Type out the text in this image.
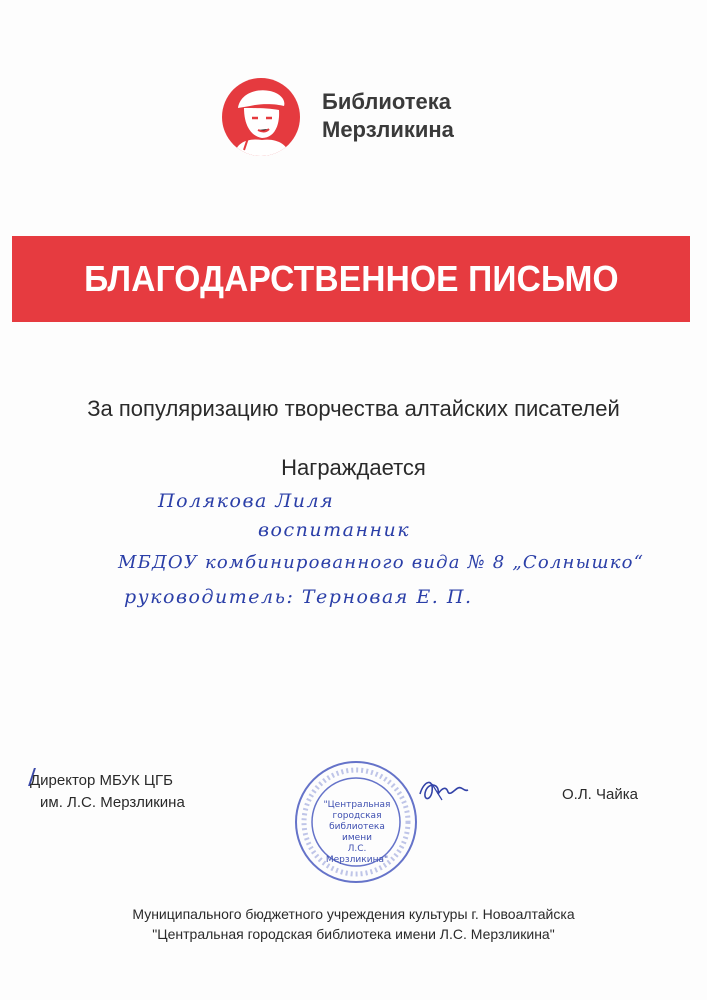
Библиотека
Мерзликина
БЛАГОДАРСТВЕННОЕ ПИСЬМО
За популяризацию творчества алтайских писателей
Награждается
Полякова Лиля
воспитанник
МБДОУ комбинированного вида № 8 „Солнышко“
руководитель: Терновая Е. П.
Директор МБУК ЦГБ
им. Л.С. Мерзликина	"Центральная
городская
библиотека
имени
Л.С. Мерзликина"
О.Л. Чайка
Муниципального бюджетного учреждения культуры г. Новоалтайска
"Центральная городская библиотека имени Л.С. Мерзликина"
